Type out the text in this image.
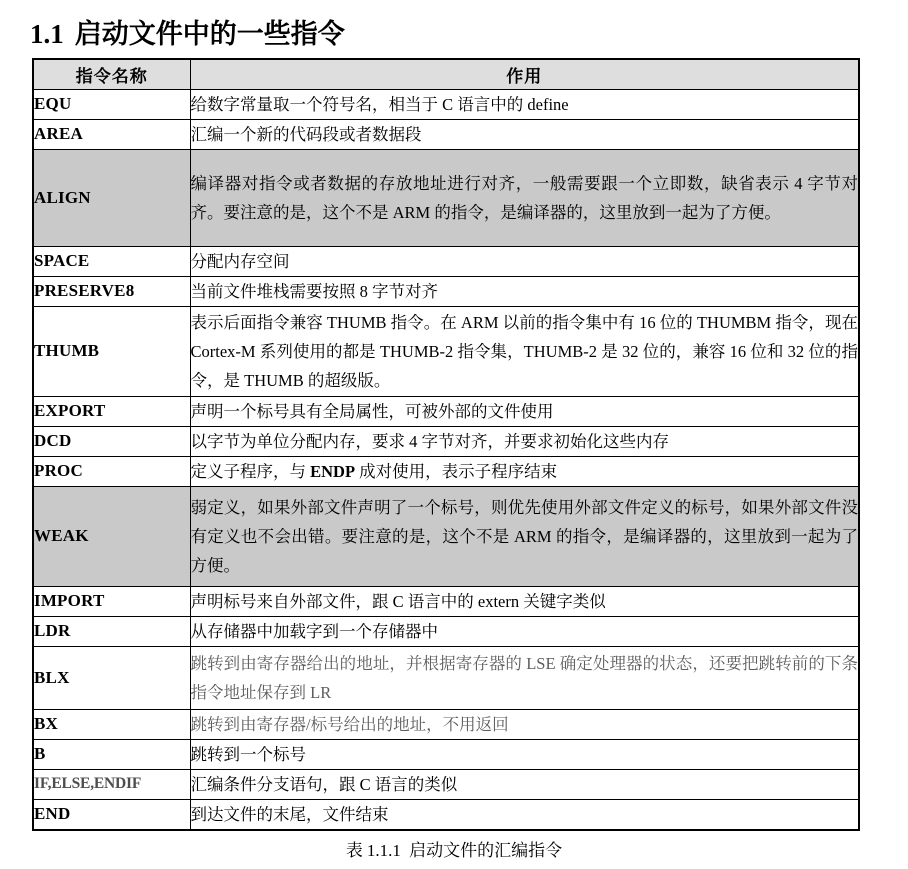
1.1 启动文件中的一些指令
指令名称	作用
EQU	给数字常量取一个符号名，相当于 C 语言中的 define
AREA	汇编一个新的代码段或者数据段
ALIGN	编译器对指令或者数据的存放地址进行对齐，一般需要跟一个立即数，缺省表示 4 字节对齐。要注意的是，这个不是 ARM 的指令，是编译器的，这里放到一起为了方便。
SPACE	分配内存空间
PRESERVE8	当前文件堆栈需要按照 8 字节对齐
THUMB	表示后面指令兼容 THUMB 指令。在 ARM 以前的指令集中有 16 位的 THUMBM 指令，现在 Cortex-M 系列使用的都是 THUMB-2 指令集，THUMB-2 是 32 位的，兼容 16 位和 32 位的指令，是 THUMB 的超级版。
EXPORT	声明一个标号具有全局属性，可被外部的文件使用
DCD	以字节为单位分配内存，要求 4 字节对齐，并要求初始化这些内存
PROC	定义子程序，与 ENDP 成对使用，表示子程序结束
WEAK	弱定义，如果外部文件声明了一个标号，则优先使用外部文件定义的标号，如果外部文件没有定义也不会出错。要注意的是，这个不是 ARM 的指令，是编译器的，这里放到一起为了方便。
IMPORT	声明标号来自外部文件，跟 C 语言中的 extern 关键字类似
LDR	从存储器中加载字到一个存储器中
BLX	跳转到由寄存器给出的地址，并根据寄存器的 LSE 确定处理器的状态，还要把跳转前的下条指令地址保存到 LR
BX	跳转到由寄存器/标号给出的地址，不用返回
B	跳转到一个标号
IF,ELSE,ENDIF	汇编条件分支语句，跟 C 语言的类似
END	到达文件的末尾，文件结束
表 1.1.1 启动文件的汇编指令
